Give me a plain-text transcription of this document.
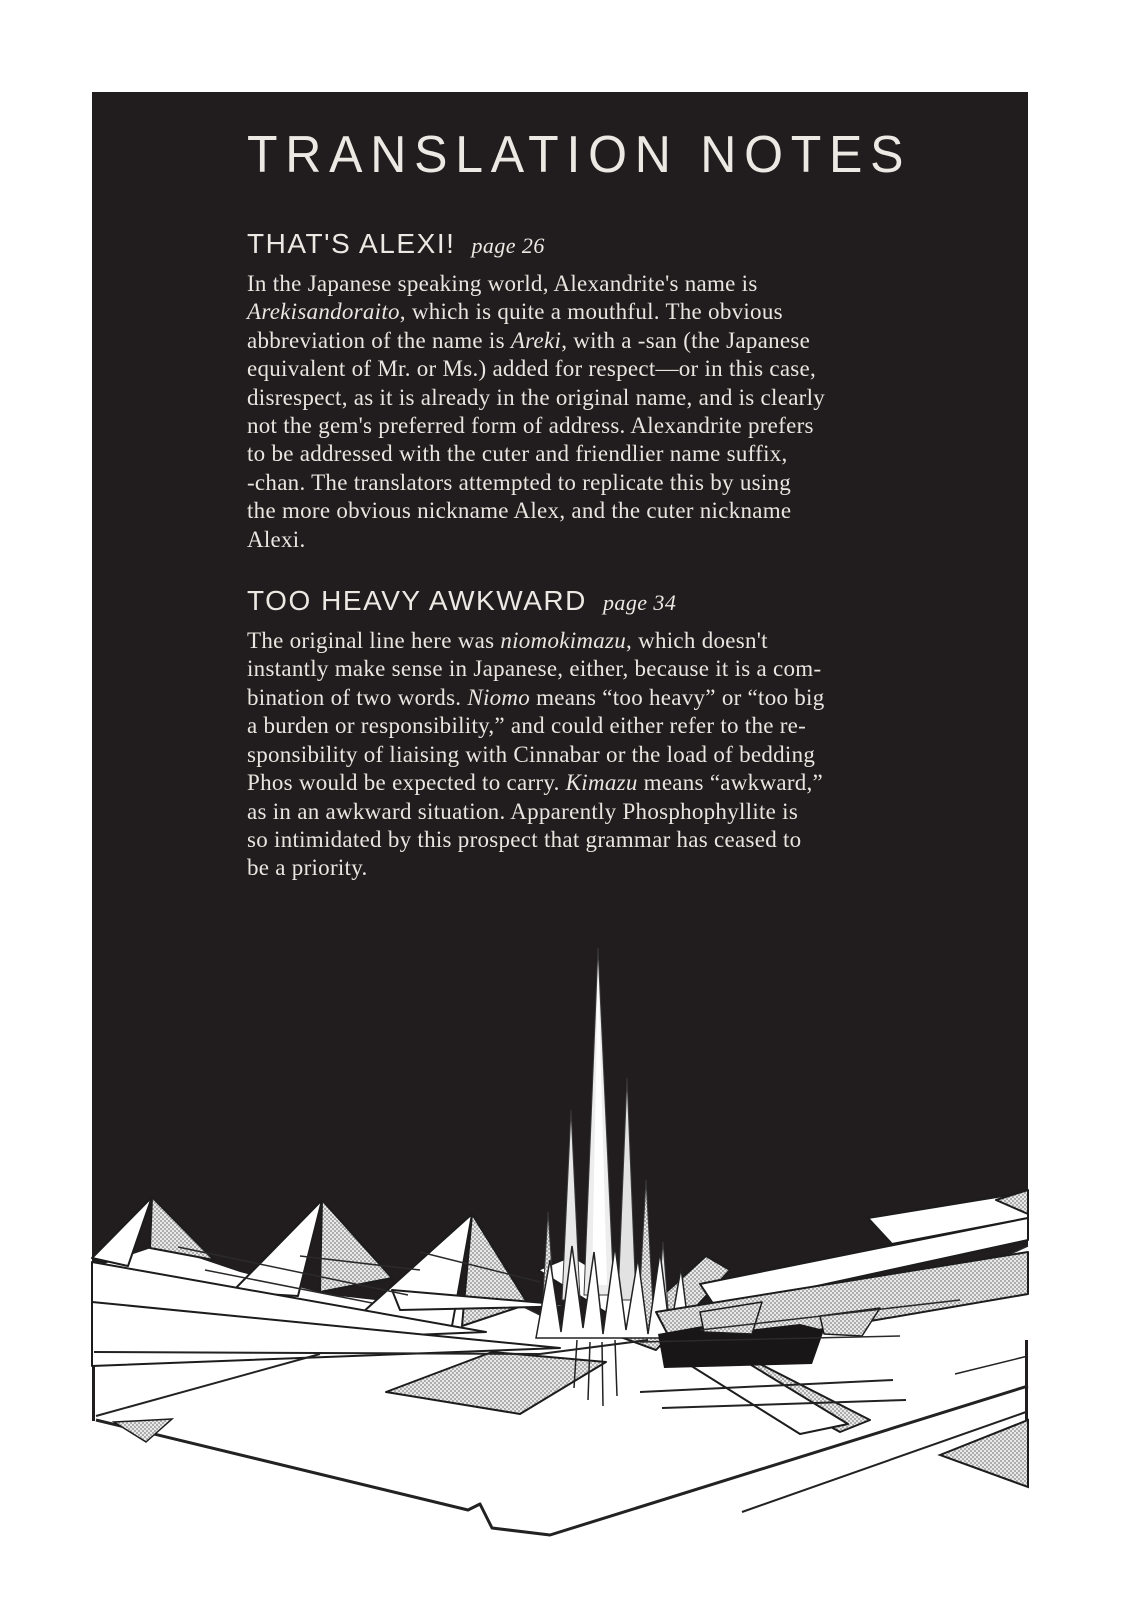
TRANSLATION NOTES
THAT'S ALEXI! page 26
In the Japanese speaking world, Alexandrite's name is
Arekisandoraito, which is quite a mouthful. The obvious
abbreviation of the name is Areki, with a -san (the Japanese
equivalent of Mr. or Ms.) added for respect—or in this case,
disrespect, as it is already in the original name, and is clearly
not the gem's preferred form of address. Alexandrite prefers
to be addressed with the cuter and friendlier name suffix,
-chan. The translators attempted to replicate this by using
the more obvious nickname Alex, and the cuter nickname
Alexi.
TOO HEAVY AWKWARD page 34
The original line here was niomokimazu, which doesn't
instantly make sense in Japanese, either, because it is a com-
bination of two words. Niomo means “too heavy” or “too big
a burden or responsibility,” and could either refer to the re-
sponsibility of liaising with Cinnabar or the load of bedding
Phos would be expected to carry. Kimazu means “awkward,”
as in an awkward situation. Apparently Phosphophyllite is
so intimidated by this prospect that grammar has ceased to
be a priority.
